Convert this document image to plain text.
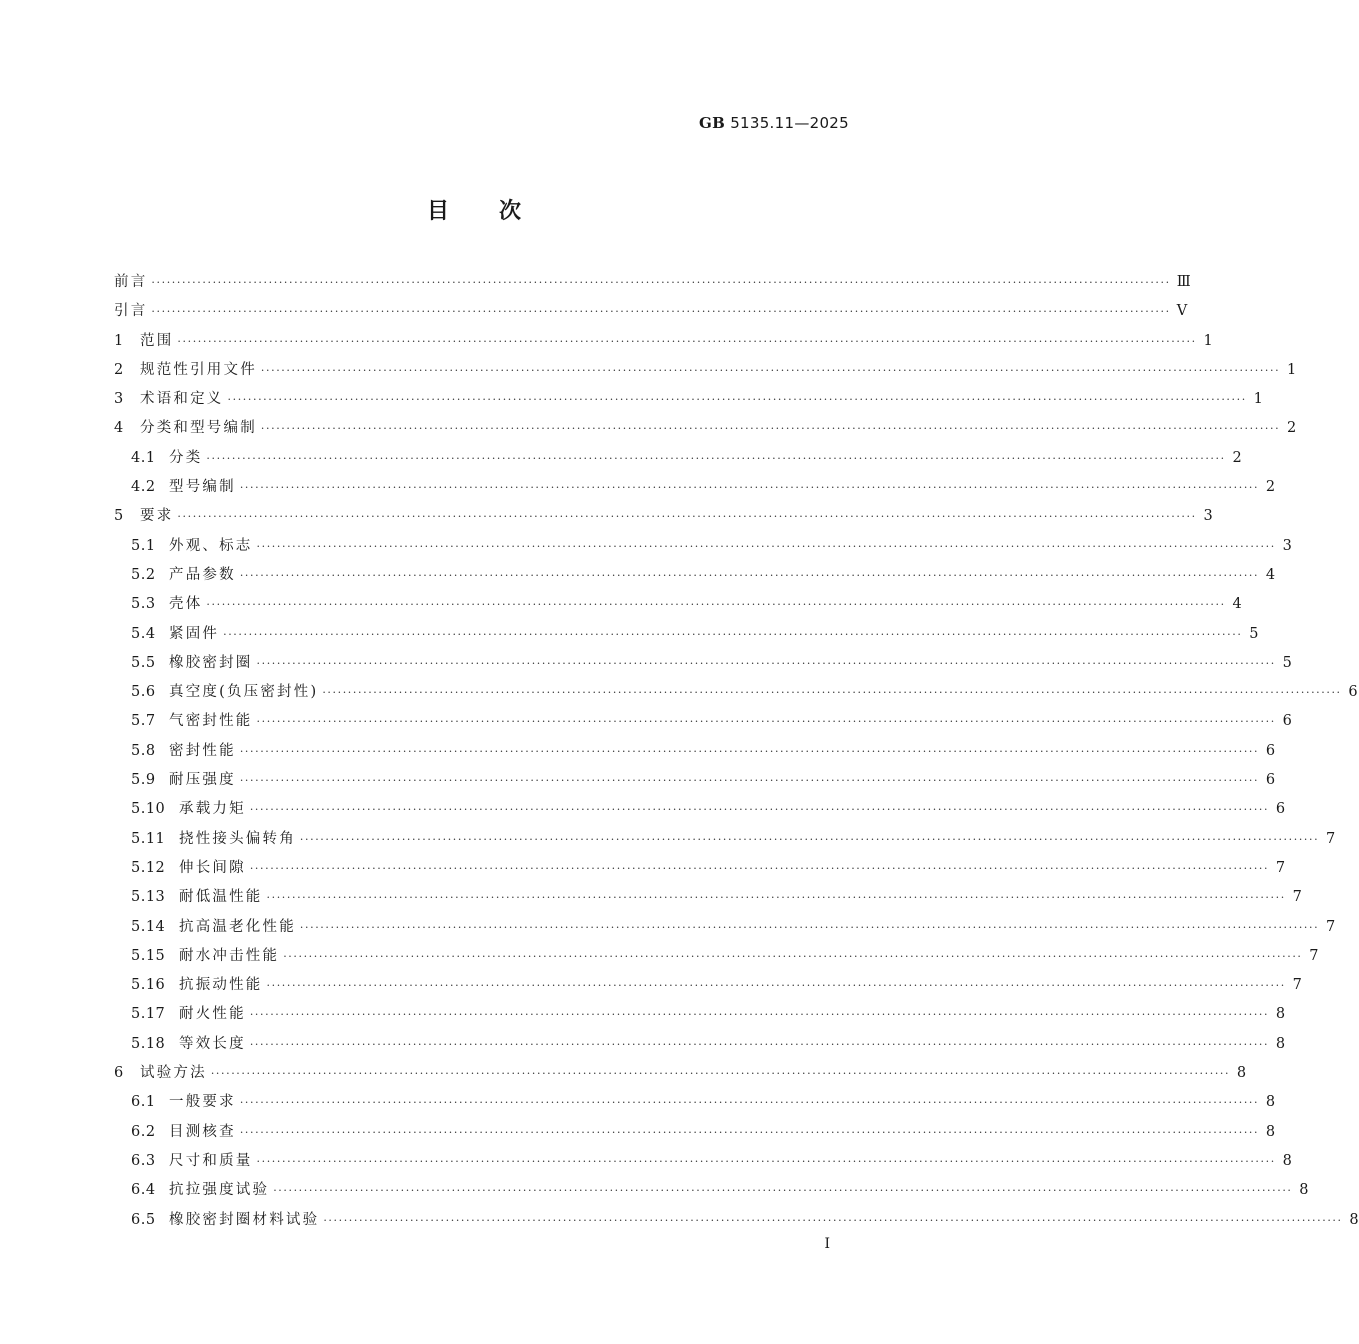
GB 5135.11—2025
目　　次
前言 ········································································································································································································ Ⅲ
引言 ········································································································································································································ Ⅴ
1	范围 ········································································································································································································ 1
2	规范性引用文件 ········································································································································································································ 1
3	术语和定义 ········································································································································································································ 1
4	分类和型号编制 ········································································································································································································ 2
4.1 分类 ········································································································································································································ 2
4.2 型号编制 ········································································································································································································ 2
5	要求 ········································································································································································································ 3
5.1 外观、标志 ········································································································································································································ 3
5.2 产品参数 ········································································································································································································ 4
5.3 壳体 ········································································································································································································ 4
5.4 紧固件 ········································································································································································································ 5
5.5 橡胶密封圈 ········································································································································································································ 5
5.6 真空度(负压密封性) ········································································································································································································ 6
5.7 气密封性能 ········································································································································································································ 6
5.8 密封性能 ········································································································································································································ 6
5.9 耐压强度 ········································································································································································································ 6
5.10 承载力矩 ········································································································································································································ 6
5.11 挠性接头偏转角 ········································································································································································································ 7
5.12 伸长间隙 ········································································································································································································ 7
5.13 耐低温性能 ········································································································································································································ 7
5.14 抗高温老化性能 ········································································································································································································ 7
5.15 耐水冲击性能 ········································································································································································································ 7
5.16 抗振动性能 ········································································································································································································ 7
5.17 耐火性能 ········································································································································································································ 8
5.18 等效长度 ········································································································································································································ 8
6	试验方法 ········································································································································································································ 8
6.1 一般要求 ········································································································································································································ 8
6.2 目测核查 ········································································································································································································ 8
6.3 尺寸和质量 ········································································································································································································ 8
6.4 抗拉强度试验 ········································································································································································································ 8
6.5 橡胶密封圈材料试验 ········································································································································································································ 8
Ⅰ
